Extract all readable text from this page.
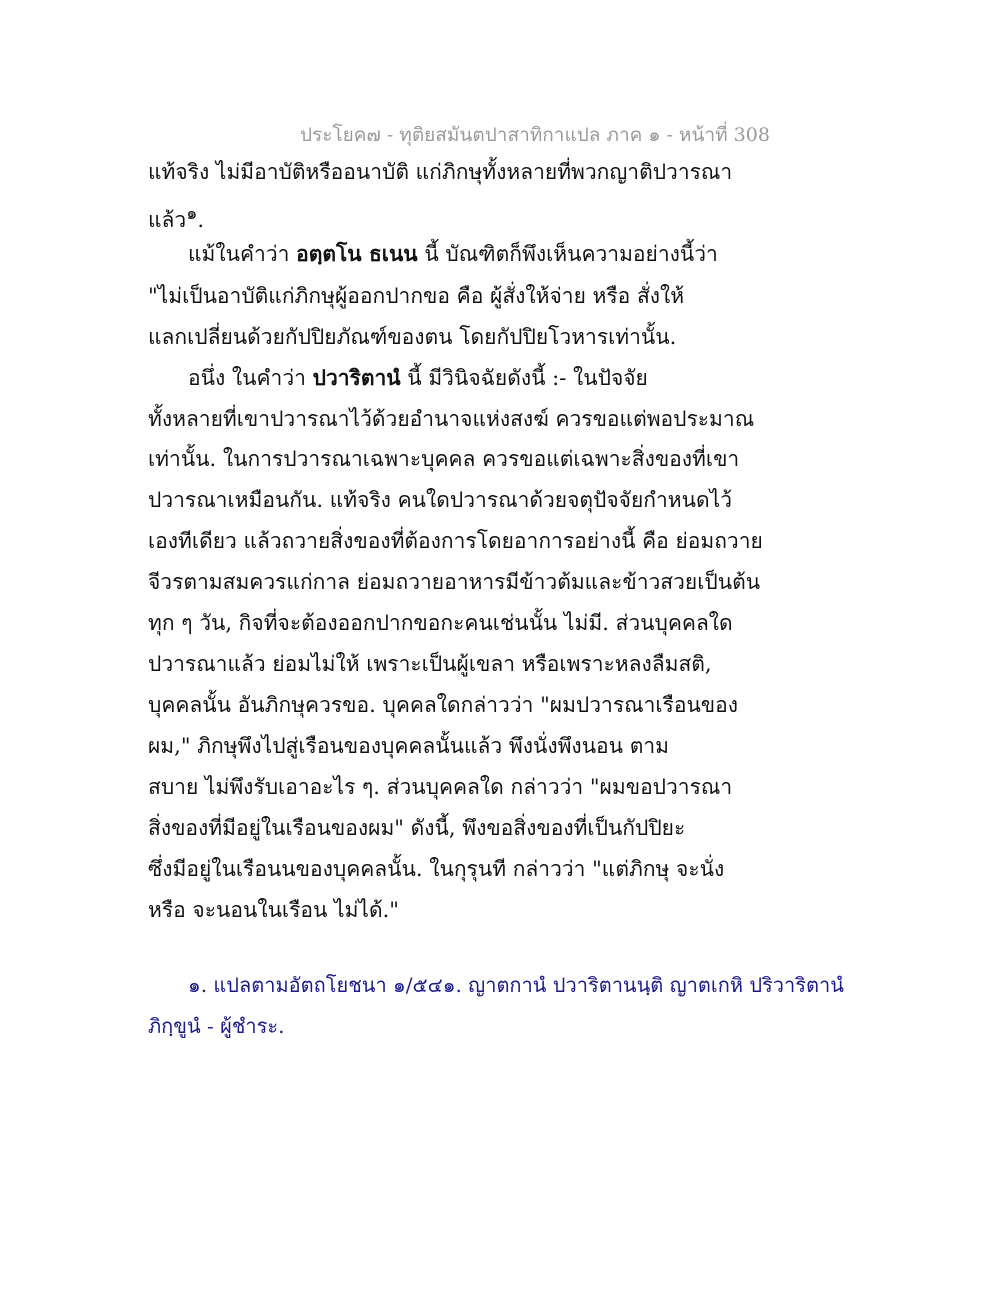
ประโยค๗ - ทุติยสมันตปาสาทิกาแปล ภาค ๑ - หน้าที่ 308
แท้จริง ไม่มีอาบัติหรืออนาบัติ แก่ภิกษุทั้งหลายที่พวกญาติปวารณา
แล้ว$^๑$.
แม้ในคำว่า อตฺตโน ธเนน นี้ บัณฑิตก็พึงเห็นความอย่างนี้ว่า
"ไม่เป็นอาบัติแก่ภิกษุผู้ออกปากขอ คือ ผู้สั่งให้จ่าย หรือ สั่งให้
แลกเปลี่ยนด้วยกัปปิยภัณฑ์ของตน โดยกัปปิยโวหารเท่านั้น.
อนึ่ง ในคำว่า ปวาริตานํ นี้ มีวินิจฉัยดังนี้ :- ในปัจจัย
ทั้งหลายที่เขาปวารณาไว้ด้วยอำนาจแห่งสงฆ์ ควรขอแต่พอประมาณ
เท่านั้น. ในการปวารณาเฉพาะบุคคล ควรขอแต่เฉพาะสิ่งของที่เขา
ปวารณาเหมือนกัน. แท้จริง คนใดปวารณาด้วยจตุปัจจัยกำหนดไว้
เองทีเดียว แล้วถวายสิ่งของที่ต้องการโดยอาการอย่างนี้ คือ ย่อมถวาย
จีวรตามสมควรแก่กาล ย่อมถวายอาหารมีข้าวต้มและข้าวสวยเป็นต้น
ทุก ๆ วัน, กิจที่จะต้องออกปากขอกะคนเช่นนั้น ไม่มี. ส่วนบุคคลใด
ปวารณาแล้ว ย่อมไม่ให้ เพราะเป็นผู้เขลา หรือเพราะหลงลืมสติ,
บุคคลนั้น อันภิกษุควรขอ. บุคคลใดกล่าวว่า "ผมปวารณาเรือนของ
ผม," ภิกษุพึงไปสู่เรือนของบุคคลนั้นแล้ว พึงนั่งพึงนอน ตาม
สบาย ไม่พึงรับเอาอะไร ๆ. ส่วนบุคคลใด กล่าวว่า "ผมขอปวารณา
สิ่งของที่มีอยู่ในเรือนของผม" ดังนี้, พึงขอสิ่งของที่เป็นกัปปิยะ
ซึ่งมีอยู่ในเรือนนของบุคคลนั้น. ในกุรุนที กล่าวว่า "แต่ภิกษุ จะนั่ง
หรือ จะนอนในเรือน ไม่ได้."
๑. แปลตามอัตถโยชนา ๑/๕๔๑. ญาตกานํ ปวาริตานนฺติ ญาตเกหิ ปริวาริตานํ
ภิกฺขูนํ - ผู้ชำระ.
